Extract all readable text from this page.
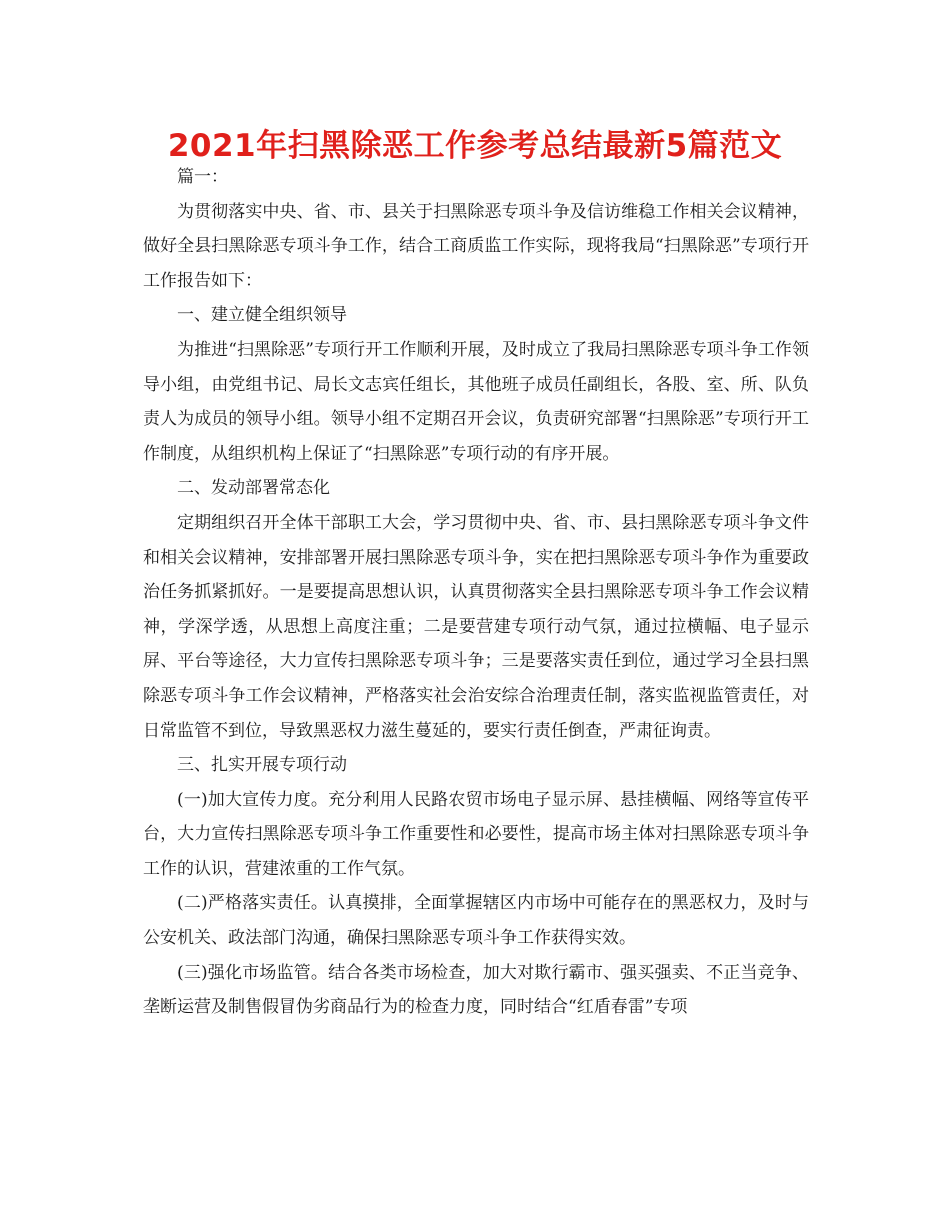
2021年扫黑除恶工作参考总结最新5篇范文

篇一：

为贯彻落实中央、省、市、县关于扫黑除恶专项斗争及信访维稳工作相关会议精神，做好全县扫黑除恶专项斗争工作，结合工商质监工作实际，现将我局“扫黑除恶”专项行开工作报告如下：

一、建立健全组织领导

为推进“扫黑除恶”专项行开工作顺利开展，及时成立了我局扫黑除恶专项斗争工作领导小组，由党组书记、局长文志宾任组长，其他班子成员任副组长，各股、室、所、队负责人为成员的领导小组。领导小组不定期召开会议，负责研究部署“扫黑除恶”专项行开工作制度，从组织机构上保证了“扫黑除恶”专项行动的有序开展。

二、发动部署常态化

定期组织召开全体干部职工大会，学习贯彻中央、省、市、县扫黑除恶专项斗争文件和相关会议精神，安排部署开展扫黑除恶专项斗争，实在把扫黑除恶专项斗争作为重要政治任务抓紧抓好。一是要提高思想认识，认真贯彻落实全县扫黑除恶专项斗争工作会议精神，学深学透，从思想上高度注重；二是要营建专项行动气氛，通过拉横幅、电子显示屏、平台等途径，大力宣传扫黑除恶专项斗争；三是要落实责任到位，通过学习全县扫黑除恶专项斗争工作会议精神，严格落实社会治安综合治理责任制，落实监视监管责任，对日常监管不到位，导致黑恶权力滋生蔓延的，要实行责任倒查，严肃征询责。

三、扎实开展专项行动

(一)加大宣传力度。充分利用人民路农贸市场电子显示屏、悬挂横幅、网络等宣传平台，大力宣传扫黑除恶专项斗争工作重要性和必要性，提高市场主体对扫黑除恶专项斗争工作的认识，营建浓重的工作气氛。

(二)严格落实责任。认真摸排，全面掌握辖区内市场中可能存在的黑恶权力，及时与公安机关、政法部门沟通，确保扫黑除恶专项斗争工作获得实效。

(三)强化市场监管。结合各类市场检查，加大对欺行霸市、强买强卖、不正当竞争、垄断运营及制售假冒伪劣商品行为的检查力度，同时结合“红盾春雷”专项
